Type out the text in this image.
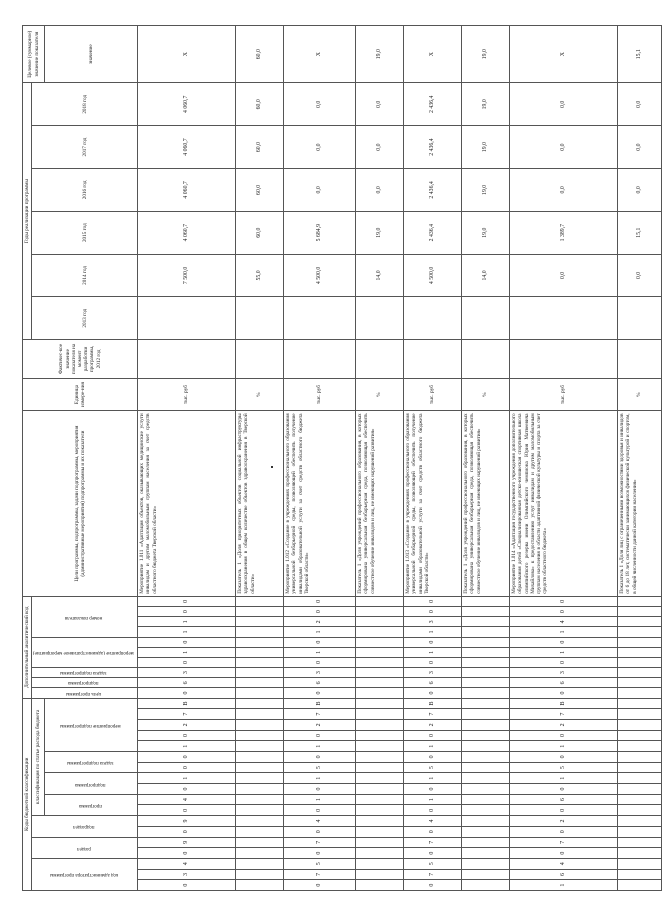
Коды бюджетной классификации																		Дополнительный аналитический код										Цели программы, подпрограммы, задачи подпрограммы, мероприятия (административные мероприятия) подпрограммы и их показатели	Единица измере-ния	Фактичес-кое значение показателя на момент разработки программы, 2012 год	Годы реализации программы						Целевое (суммарное) значение показателя
код администратора программы			раздел		подраздел		классификация по статье расхода бюджета											цель программы	подпрограмма	задача подпрограммы	мероприятие (административное мероприятие)			номер показателя							2013 год	2014 год	2015 год	2016 год	2017 год	2018 год	
							программа		подпрограмма		задача подпрограммы		мероприятие подпрограммы																								значение
0	3	4	0	9	0	9	0	4	0	1	0	0	1	0	2	7	В	0	6	3	0	1	0	1	1	0	0	Мероприятие 1.011 «Адаптация объектов, оказывающих медицинские услуги инвалидам и другим маломобильным группам населения за счет средств областного бюджета Тверской области»	тыс. руб			7 500,0	4 060,7	4 060,7	4 060,7	4 060,7	Х
																												Показатель 1 «Доля приоритетных объектов социальной инфраструктуры здравоохранения в общем количестве объектов здравоохранения в Тверской области»	%			55,0	60,0	60,0	60,0	60,0	60,0
0	7	5	0	7	0	4	0	1	0	1	5	0	1	0	2	7	В	0	6	3	0	1	0	1	2	0	0	Мероприятие 1.012 «Создание в учреждениях профессионального образования универсальной безбарьерной среды, позволяющей обеспечить получение инвалидами образовательной услуги за счет средств областного бюджета Тверской области»	тыс. руб			4 500,0	5 684,9	0,0	0,0	0,0	Х
																												Показатель 1 «Доля учреждений профессионального образования, в которых сформирована универсальная безбарьерная среда, позволяющая обеспечить совместное обучение инвалидов и лиц, не имеющих нарушений развития»	%			14,0	19,0	0,0	0,0	0,0	19,0
0	7	5	0	7	0	4	0	1	0	1	5	0	1	0	2	7	В	0	6	3	0	1	0	1	3	0	0	Мероприятие 1.013 «Создание в учреждениях профессионального образования универсальной безбарьерной среды, позволяющей обеспечить получение инвалидами образовательной услуги за счет средств областного бюджета Тверской области»	тыс. руб			4 500,0	2 436,4	2 436,4	2 436,4	2 436,4	Х
																												Показатель 1 «Доля учреждений профессионального образования, в которых сформирована универсальная безбарьерная среда, позволяющая обеспечить совместное обучение инвалидов и лиц, не имеющих нарушений развития»	%			14,0	19,0	19,0	19,0	19,0	19,0
1	6	4	0	7	0	2	0	6	0	1	5	0	1	0	2	7	В	0	6	3	0	1	0	1	4	0	0	Мероприятие 1.014 «Адаптация государственного учреждения дополнительного образования детей «Специализированная детско-юношеская спортивная школа олимпийского резерва имени Олимпийского чемпиона Юрия Матвеевича Михайлова» к предоставлению услуг инвалидам и другим маломобильным группам населения в области адаптивной физической культуры и спорта за счет средств областного бюджета»	тыс. руб			0,0	1 389,7	0,0	0,0	0,0	Х
																												Показатель 1 «Доля лиц с ограниченными возможностями здоровья и инвалидов от 6 до 18 лет, систематически занимающихся физической культурой и спортом, в общей численности данной категории населения»	%			0,0	15,1	0,0	0,0	0,0	15,1
